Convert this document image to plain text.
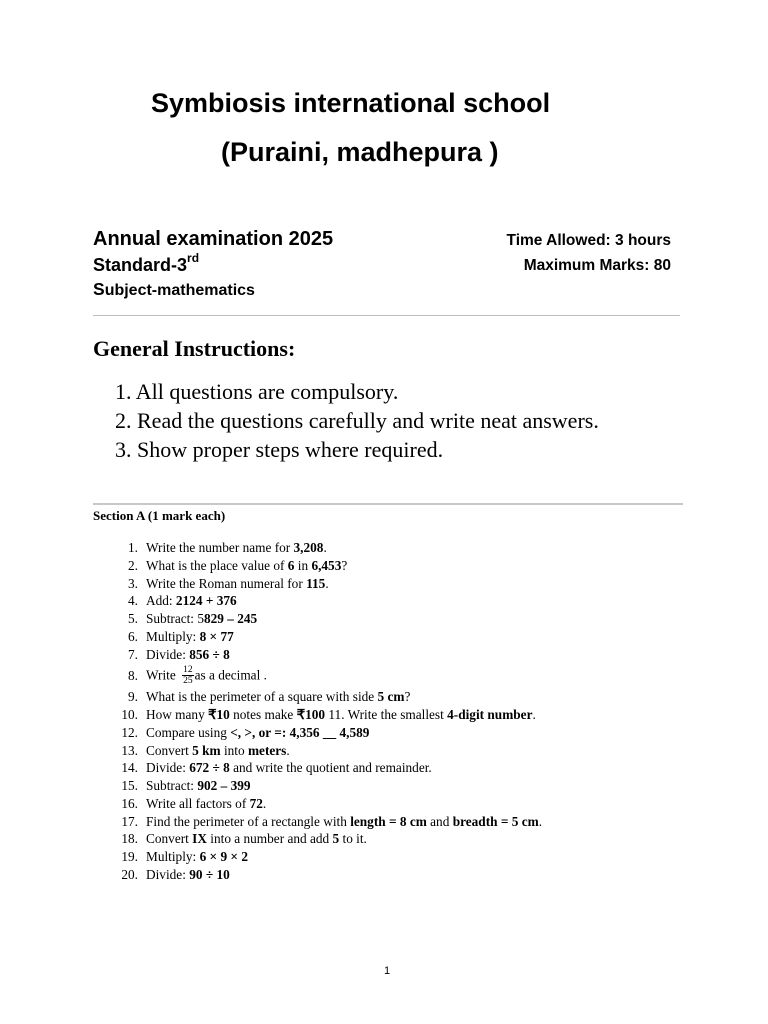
Symbiosis international school
(Puraini, madhepura )
Annual examination 2025
Standard-3rd
Subject-mathematics
Time Allowed: 3 hours
Maximum Marks: 80
General Instructions:
1. All questions are compulsory.
2. Read the questions carefully and write neat answers.
3. Show proper steps where required.
Section A (1 mark each)
1. Write the number name for 3,208.
2. What is the place value of 6 in 6,453?
3. Write the Roman numeral for 115.
4. Add: 2124 + 376
5. Subtract: 5829 – 245
6. Multiply: 8 × 77
7. Divide: 856 ÷ 8
8. Write $\frac{12}{25}$ as a decimal .
9. What is the perimeter of a square with side 5 cm?
10. How many ₹10 notes make ₹100 11. Write the smallest 4-digit number.
12. Compare using <, >, or =: 4,356 __ 4,589
13. Convert 5 km into meters.
14. Divide: 672 ÷ 8 and write the quotient and remainder.
15. Subtract: 902 – 399
16. Write all factors of 72.
17. Find the perimeter of a rectangle with length = 8 cm and breadth = 5 cm.
18. Convert IX into a number and add 5 to it.
19. Multiply: 6 × 9 × 2
20. Divide: 90 ÷ 10
1
